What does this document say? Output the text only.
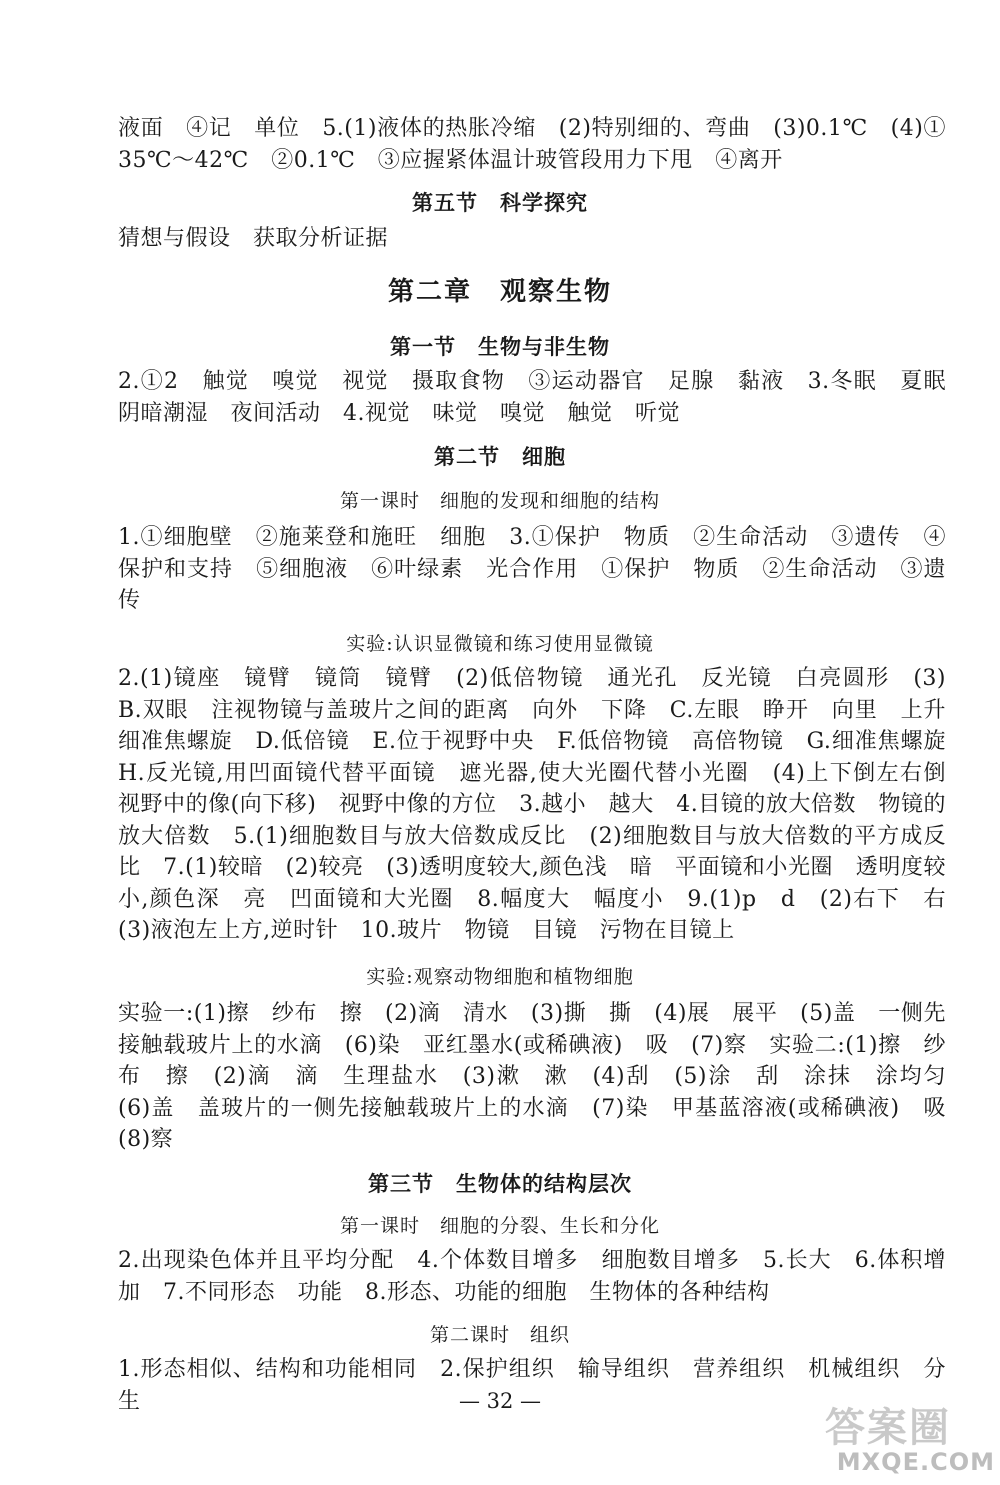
液面　④记　单位　5.(1)液体的热胀冷缩　(2)特别细的、弯曲　(3)0.1℃　(4)① 35℃～42℃　②0.1℃　③应握紧体温计玻管段用力下甩　④离开
第五节　科学探究
猜想与假设　获取分析证据
第二章　观察生物
第一节　生物与非生物
2.①2　触觉　嗅觉　视觉　摄取食物　③运动器官　足腺　黏液　3.冬眠　夏眠　阴暗潮湿　夜间活动　4.视觉　味觉　嗅觉　触觉　听觉
第二节　细胞
第一课时　细胞的发现和细胞的结构
1.①细胞壁　②施莱登和施旺　细胞　3.①保护　物质　②生命活动　③遗传　④保护和支持　⑤细胞液　⑥叶绿素　光合作用　①保护　物质　②生命活动　③遗传
实验:认识显微镜和练习使用显微镜
2.(1)镜座　镜臂　镜筒　镜臂　(2)低倍物镜　通光孔　反光镜　白亮圆形　(3) B.双眼　注视物镜与盖玻片之间的距离　向外　下降　C.左眼　睁开　向里　上升　细准焦螺旋　D.低倍镜　E.位于视野中央　F.低倍物镜　高倍物镜　G.细准焦螺旋　H.反光镜,用凹面镜代替平面镜　遮光器,使大光圈代替小光圈　(4)上下倒左右倒　视野中的像(向下移)　视野中像的方位　3.越小　越大　4.目镜的放大倍数　物镜的放大倍数　5.(1)细胞数目与放大倍数成反比　(2)细胞数目与放大倍数的平方成反比　7.(1)较暗　(2)较亮　(3)透明度较大,颜色浅　暗　平面镜和小光圈　透明度较小,颜色深　亮　凹面镜和大光圈　8.幅度大　幅度小　9.(1)p　d　(2)右下　右　(3)液泡左上方,逆时针　10.玻片　物镜　目镜　污物在目镜上
实验:观察动物细胞和植物细胞
实验一:(1)擦　纱布　擦　(2)滴　清水　(3)撕　撕　(4)展　展平　(5)盖　一侧先接触载玻片上的水滴　(6)染　亚红墨水(或稀碘液)　吸　(7)察　实验二:(1)擦　纱布　擦　(2)滴　滴　生理盐水　(3)漱　漱　(4)刮　(5)涂　刮　涂抹　涂均匀　(6)盖　盖玻片的一侧先接触载玻片上的水滴　(7)染　甲基蓝溶液(或稀碘液)　吸　(8)察
第三节　生物体的结构层次
第一课时　细胞的分裂、生长和分化
2.出现染色体并且平均分配　4.个体数目增多　细胞数目增多　5.长大　6.体积增加　7.不同形态　功能　8.形态、功能的细胞　生物体的各种结构
第二课时　组织
1.形态相似、结构和功能相同　2.保护组织　输导组织　营养组织　机械组织　分生	— 32 —
答案圈
MXQE.COM
